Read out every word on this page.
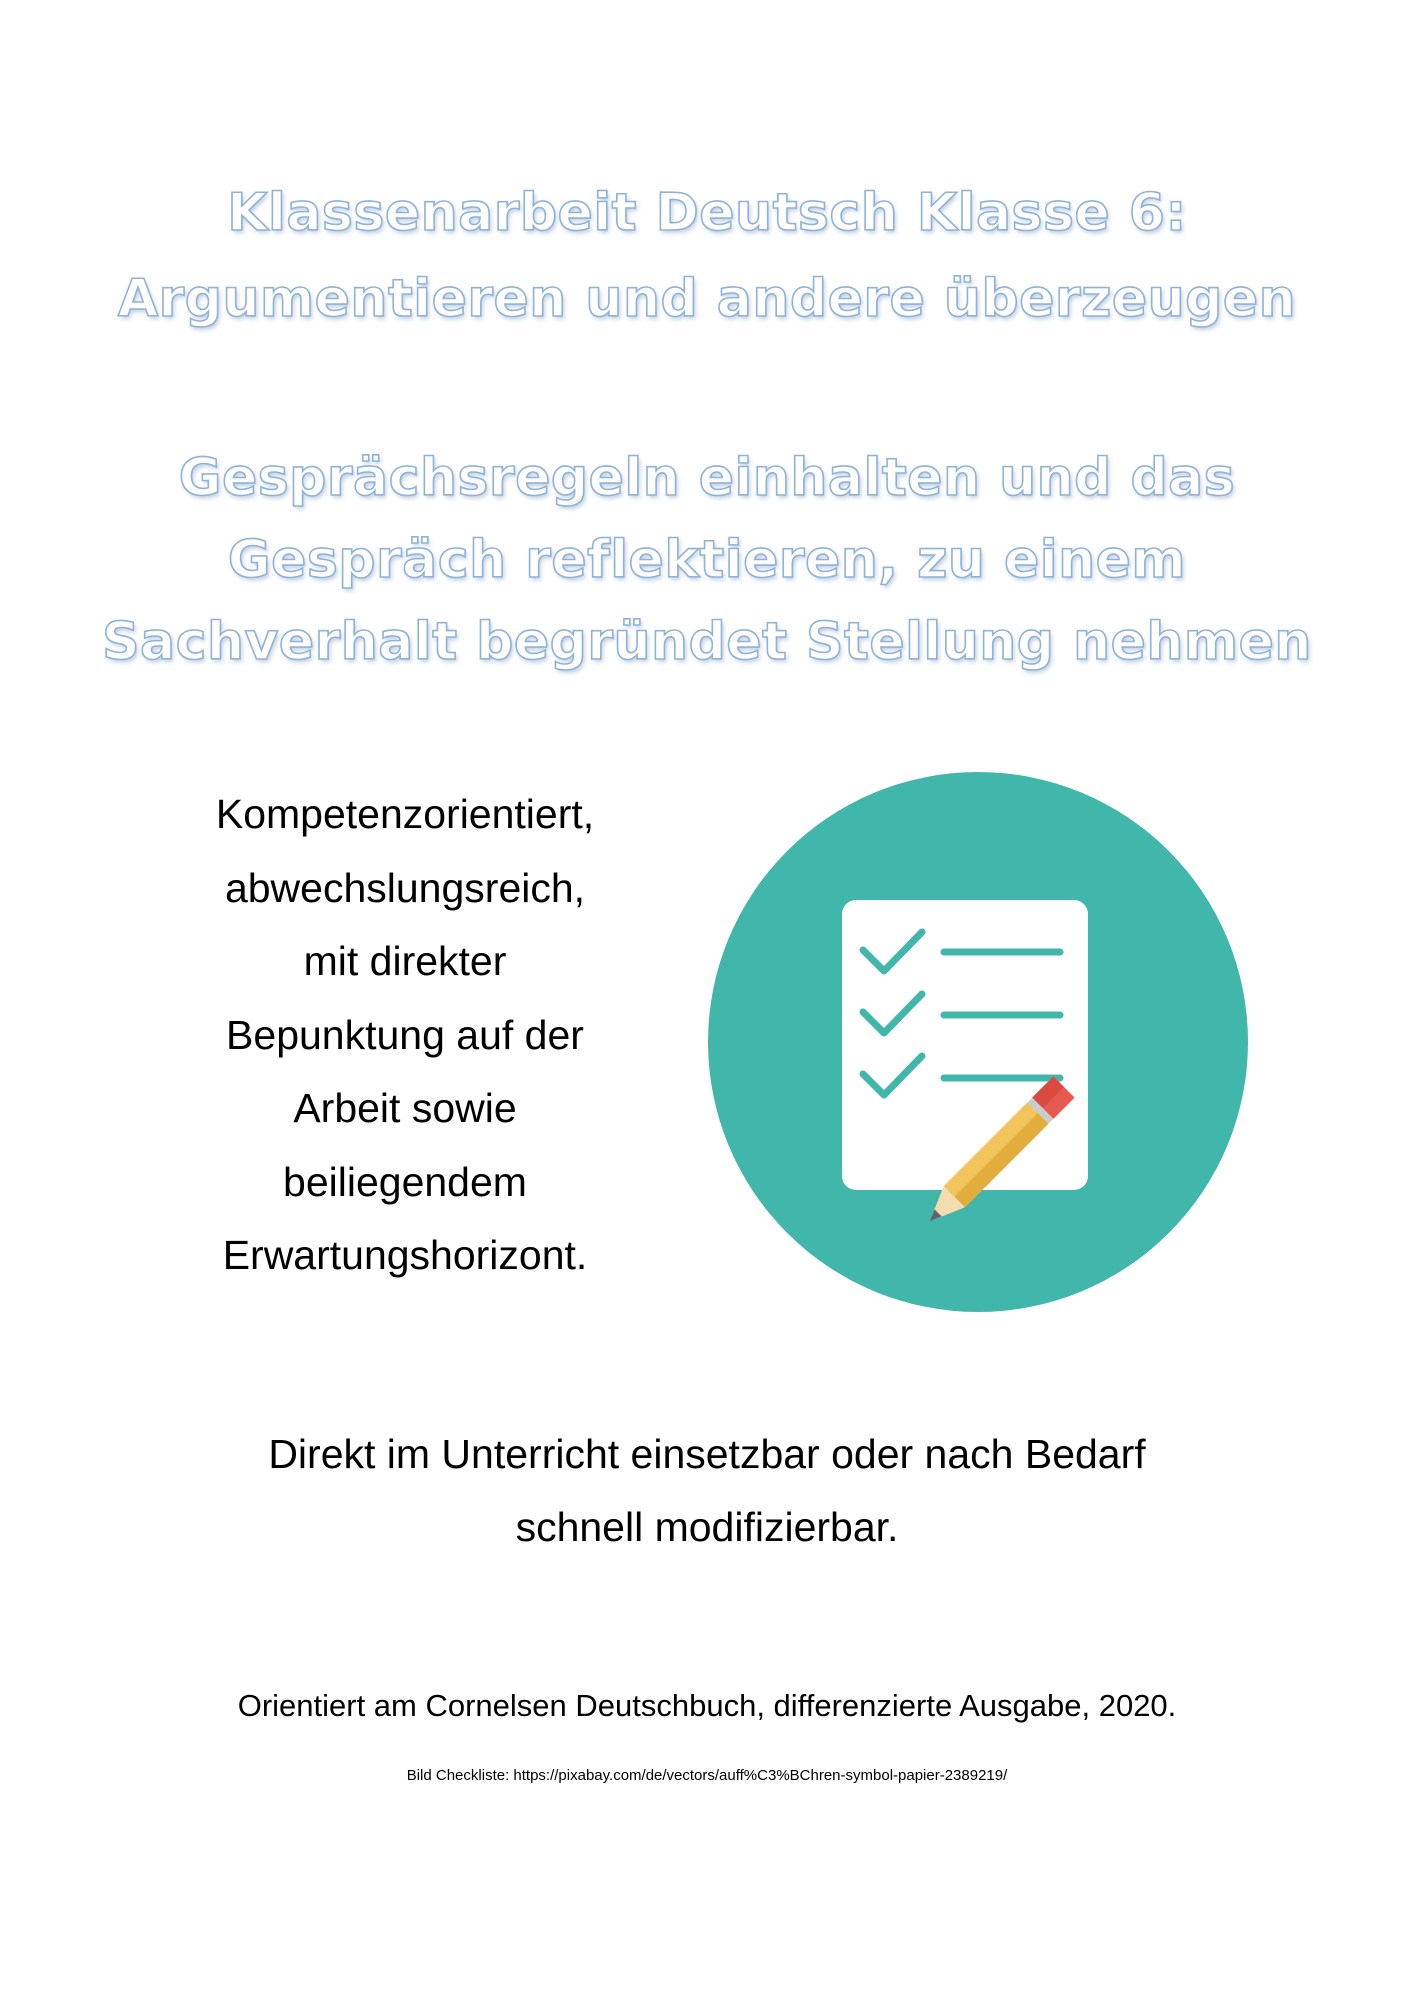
Klassenarbeit Deutsch Klasse 6:
Argumentieren und andere überzeugen
Gesprächsregeln einhalten und das
Gespräch reflektieren, zu einem
Sachverhalt begründet Stellung nehmen
Kompetenzorientiert,
abwechslungsreich,
mit direkter
Bepunktung auf der
Arbeit sowie
beiliegendem
Erwartungshorizont.
Direkt im Unterricht einsetzbar oder nach Bedarf
schnell modifizierbar.
Orientiert am Cornelsen Deutschbuch, differenzierte Ausgabe, 2020.
Bild Checkliste: https://pixabay.com/de/vectors/auff%C3%BChren-symbol-papier-2389219/
